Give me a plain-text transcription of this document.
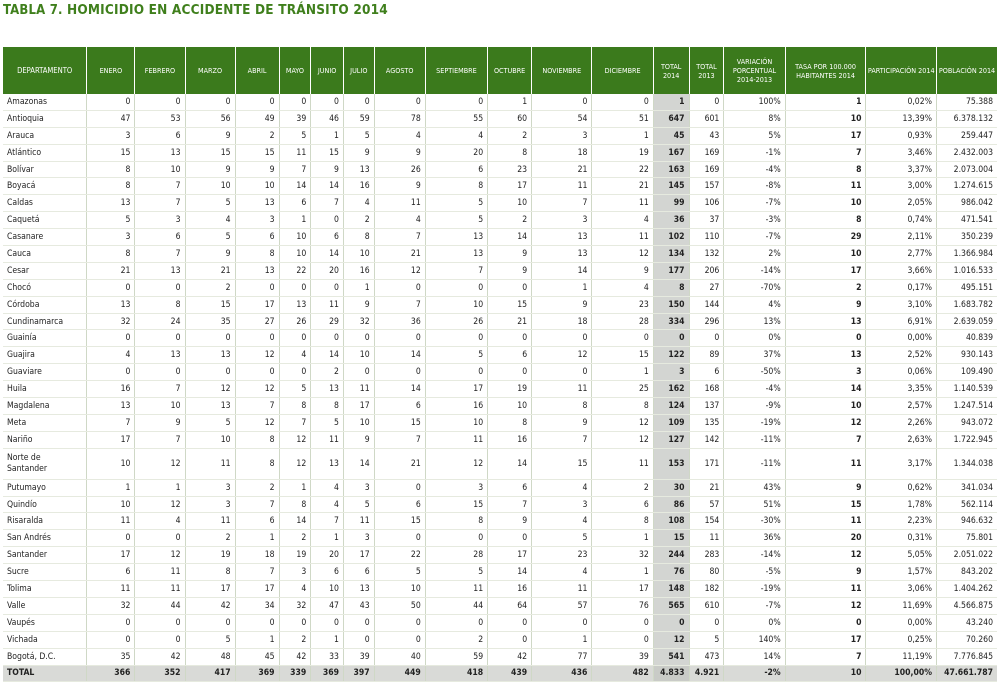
TABLA 7. HOMICIDIO EN ACCIDENTE DE TRÁNSITO 2014
DEPARTAMENTO	ENERO	FEBRERO	MARZO	ABRIL	MAYO	JUNIO	JULIO	AGOSTO	SEPTIEMBRE	OCTUBRE	NOVIEMBRE	DICIEMBRE	TOTAL 2014	TOTAL 2013	VARIACIÓN PORCENTUAL 2014-2013	TASA POR 100.000 HABITANTES 2014	PARTICIPACIÓN 2014	POBLACIÓN 2014
Amazonas	0	0	0	0	0	0	0	0	0	1	0	0	1	0	100%	1	0,02%	75.388
Antioquia	47	53	56	49	39	46	59	78	55	60	54	51	647	601	8%	10	13,39%	6.378.132
Arauca	3	6	9	2	5	1	5	4	4	2	3	1	45	43	5%	17	0,93%	259.447
Atlántico	15	13	15	15	11	15	9	9	20	8	18	19	167	169	-1%	7	3,46%	2.432.003
Bolívar	8	10	9	9	7	9	13	26	6	23	21	22	163	169	-4%	8	3,37%	2.073.004
Boyacá	8	7	10	10	14	14	16	9	8	17	11	21	145	157	-8%	11	3,00%	1.274.615
Caldas	13	7	5	13	6	7	4	11	5	10	7	11	99	106	-7%	10	2,05%	986.042
Caquetá	5	3	4	3	1	0	2	4	5	2	3	4	36	37	-3%	8	0,74%	471.541
Casanare	3	6	5	6	10	6	8	7	13	14	13	11	102	110	-7%	29	2,11%	350.239
Cauca	8	7	9	8	10	14	10	21	13	9	13	12	134	132	2%	10	2,77%	1.366.984
Cesar	21	13	21	13	22	20	16	12	7	9	14	9	177	206	-14%	17	3,66%	1.016.533
Chocó	0	0	2	0	0	0	1	0	0	0	1	4	8	27	-70%	2	0,17%	495.151
Córdoba	13	8	15	17	13	11	9	7	10	15	9	23	150	144	4%	9	3,10%	1.683.782
Cundinamarca	32	24	35	27	26	29	32	36	26	21	18	28	334	296	13%	13	6,91%	2.639.059
Guainía	0	0	0	0	0	0	0	0	0	0	0	0	0	0	0%	0	0,00%	40.839
Guajira	4	13	13	12	4	14	10	14	5	6	12	15	122	89	37%	13	2,52%	930.143
Guaviare	0	0	0	0	0	2	0	0	0	0	0	1	3	6	-50%	3	0,06%	109.490
Huila	16	7	12	12	5	13	11	14	17	19	11	25	162	168	-4%	14	3,35%	1.140.539
Magdalena	13	10	13	7	8	8	17	6	16	10	8	8	124	137	-9%	10	2,57%	1.247.514
Meta	7	9	5	12	7	5	10	15	10	8	9	12	109	135	-19%	12	2,26%	943.072
Nariño	17	7	10	8	12	11	9	7	11	16	7	12	127	142	-11%	7	2,63%	1.722.945
Norte de Santander	10	12	11	8	12	13	14	21	12	14	15	11	153	171	-11%	11	3,17%	1.344.038
Putumayo	1	1	3	2	1	4	3	0	3	6	4	2	30	21	43%	9	0,62%	341.034
Quindío	10	12	3	7	8	4	5	6	15	7	3	6	86	57	51%	15	1,78%	562.114
Risaralda	11	4	11	6	14	7	11	15	8	9	4	8	108	154	-30%	11	2,23%	946.632
San Andrés	0	0	2	1	2	1	3	0	0	0	5	1	15	11	36%	20	0,31%	75.801
Santander	17	12	19	18	19	20	17	22	28	17	23	32	244	283	-14%	12	5,05%	2.051.022
Sucre	6	11	8	7	3	6	6	5	5	14	4	1	76	80	-5%	9	1,57%	843.202
Tolima	11	11	17	17	4	10	13	10	11	16	11	17	148	182	-19%	11	3,06%	1.404.262
Valle	32	44	42	34	32	47	43	50	44	64	57	76	565	610	-7%	12	11,69%	4.566.875
Vaupés	0	0	0	0	0	0	0	0	0	0	0	0	0	0	0%	0	0,00%	43.240
Vichada	0	0	5	1	2	1	0	0	2	0	1	0	12	5	140%	17	0,25%	70.260
Bogotá, D.C.	35	42	48	45	42	33	39	40	59	42	77	39	541	473	14%	7	11,19%	7.776.845
TOTAL	366	352	417	369	339	369	397	449	418	439	436	482	4.833	4.921	-2%	10	100,00%	47.661.787
